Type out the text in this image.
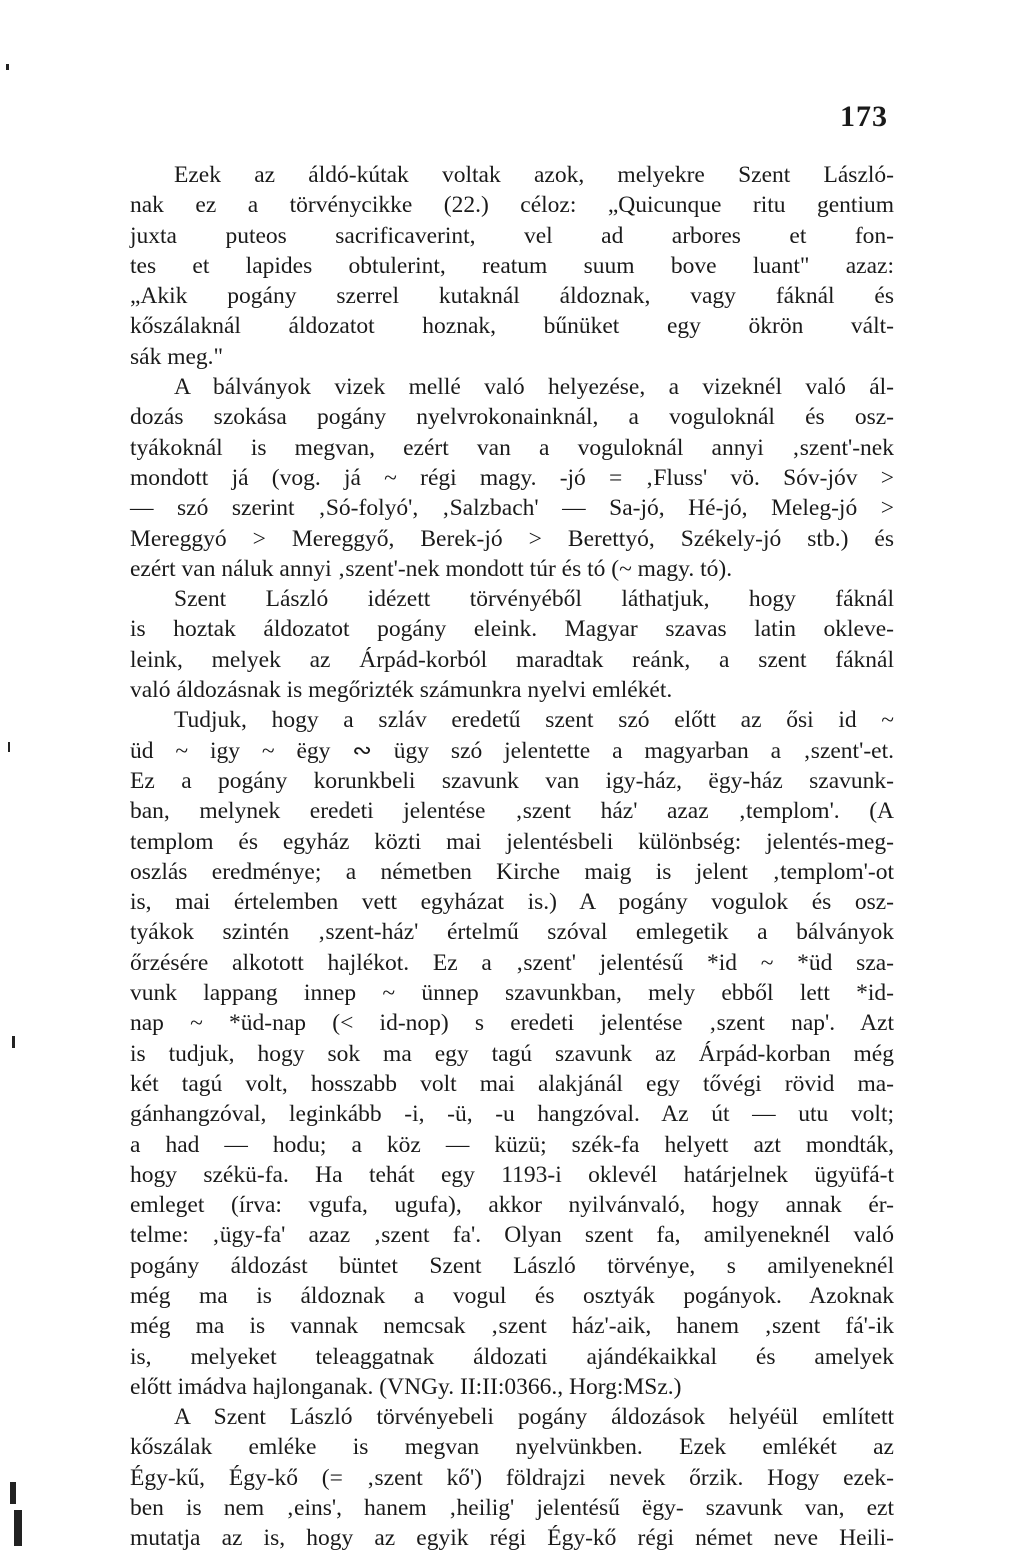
173
Ezek az áldó-kútak voltak azok, melyekre Szent László-
nak ez a törvénycikke (22.) céloz: „Quicunque ritu gentium
juxta puteos sacrificaverint, vel ad arbores et fon-
tes et lapides obtulerint, reatum suum bove luant" azaz:
„Akik pogány szerrel kutaknál áldoznak, vagy fáknál és
kőszálaknál áldozatot hoznak, bűnüket egy ökrön vált-
sák meg."
A bálványok vizek mellé való helyezése, a vizeknél való ál-
dozás szokása pogány nyelvrokonainknál, a voguloknál és osz-
tyákoknál is megvan, ezért van a voguloknál annyi ‚szent'-nek
mondott já (vog. já ~ régi magy. -jó = ‚Fluss' vö. Sóv-jóv >
— szó szerint ‚Só-folyó', ‚Salzbach' — Sa-jó, Hé-jó, Meleg-jó >
Mereggyó > Mereggyő, Berek-jó > Berettyó, Székely-jó stb.) és
ezért van náluk annyi ‚szent'-nek mondott túr és tó (~ magy. tó).
Szent László idézett törvényéből láthatjuk, hogy fáknál
is hoztak áldozatot pogány eleink. Magyar szavas latin okleve-
leink, melyek az Árpád-korból maradtak reánk, a szent fáknál
való áldozásnak is megőrizték számunkra nyelvi emlékét.
Tudjuk, hogy a szláv eredetű szent szó előtt az ősi id ~
üd ~ igy ~ ëgy ∾ ügy szó jelentette a magyarban a ‚szent'-et.
Ez a pogány korunkbeli szavunk van igy-ház, ëgy-ház szavunk-
ban, melynek eredeti jelentése ‚szent ház' azaz ‚templom'. (A
templom és egyház közti mai jelentésbeli különbség: jelentés-meg-
oszlás eredménye; a németben Kirche maig is jelent ‚templom'-ot
is, mai értelemben vett egyházat is.) A pogány vogulok és osz-
tyákok szintén ‚szent-ház' értelmű szóval emlegetik a bálványok
őrzésére alkotott hajlékot. Ez a ‚szent' jelentésű *id ~ *üd sza-
vunk lappang innep ~ ünnep szavunkban, mely ebből lett *id-
nap ~ *üd-nap (< id-nop) s eredeti jelentése ‚szent nap'. Azt
is tudjuk, hogy sok ma egy tagú szavunk az Árpád-korban még
két tagú volt, hosszabb volt mai alakjánál egy tővégi rövid ma-
gánhangzóval, leginkább -i, -ü, -u hangzóval. Az út — utu volt;
a had — hodu; a köz — küzü; szék-fa helyett azt mondták,
hogy székü-fa. Ha tehát egy 1193-i oklevél határjelnek ügyüfá-t
emleget (írva: vgufa, ugufa), akkor nyilvánvaló, hogy annak ér-
telme: ‚ügy-fa' azaz ‚szent fa'. Olyan szent fa, amilyeneknél való
pogány áldozást büntet Szent László törvénye, s amilyeneknél
még ma is áldoznak a vogul és osztyák pogányok. Azoknak
még ma is vannak nemcsak ‚szent ház'-aik, hanem ‚szent fá'-ik
is, melyeket teleaggatnak áldozati ajándékaikkal és amelyek
előtt imádva hajlonganak. (VNGy. II:II:0366., Horg:MSz.)
A Szent László törvényebeli pogány áldozások helyéül említett
kőszálak emléke is megvan nyelvünkben. Ezek emlékét az
Égy-kű, Égy-kő (= ‚szent kő') földrajzi nevek őrzik. Hogy ezek-
ben is nem ‚eins', hanem ‚heilig' jelentésű ëgy- szavunk van, ezt
mutatja az is, hogy az egyik régi Égy-kő régi német neve Heili-
